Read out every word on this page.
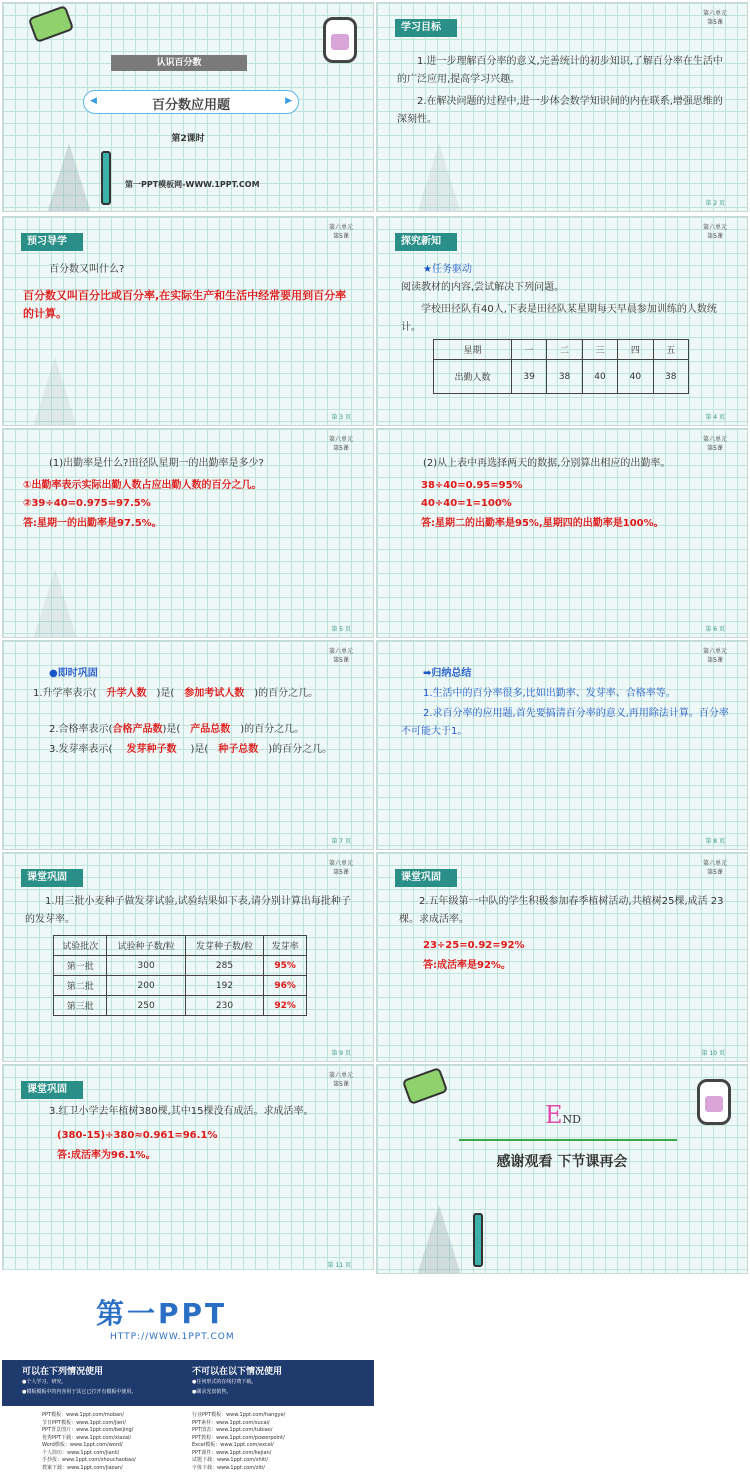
认识百分数
◀	百分数应用题	▶
第2课时
第一PPT模板网-WWW.1PPT.COM
学习目标
第六单元
第5课
1.进一步理解百分率的意义,完善统计的初步知识,了解百分率在生活中的广泛应用,提高学习兴趣。
2.在解决问题的过程中,进一步体会数学知识间的内在联系,增强思维的深刻性。
第 2 页
预习导学
第六单元
第5课
百分数又叫什么?
百分数又叫百分比或百分率,在实际生产和生活中经常要用到百分率的计算。
第 3 页
探究新知
第六单元
第5课
★任务驱动
阅读教材的内容,尝试解决下列问题。
学校田径队有40人,下表是田径队某星期每天早晨参加训练的人数统计。
星期	一	二	三	四	五
出勤人数	39	38	40	40	38
第 4 页
第六单元
第5课
(1)出勤率是什么?田径队星期一的出勤率是多少?
①出勤率表示实际出勤人数占应出勤人数的百分之几。
②39÷40=0.975=97.5%
答:星期一的出勤率是97.5%。
第 5 页
第六单元
第5课
(2)从上表中再选择两天的数据,分别算出相应的出勤率。
38÷40=0.95=95%
40÷40=1=100%
答:星期二的出勤率是95%,星期四的出勤率是100%。
第 6 页
第六单元
第5课
●即时巩固
1.升学率表示( 升学人数 )是( 参加考试人数 )的百分之几。
2.合格率表示(合格产品数)是( 产品总数 )的百分之几。
3.发芽率表示( 发芽种子数 )是( 种子总数 )的百分之几。
第 7 页
第六单元
第5课
➡归纳总结
1.生活中的百分率很多,比如出勤率、发芽率、合格率等。
2.求百分率的应用题,首先要搞清百分率的意义,再用除法计算。百分率不可能大于1。
第 8 页
课堂巩固
第六单元
第5课
1.用三批小麦种子做发芽试验,试验结果如下表,请分别计算出每批种子的发芽率。
试验批次	试验种子数/粒	发芽种子数/粒	发芽率
第一批	300	285	95%
第二批	200	192	96%
第三批	250	230	92%
第 9 页
课堂巩固
第六单元
第5课
2.五年级第一中队的学生积极参加春季植树活动,共植树25棵,成活 23棵。求成活率。
23÷25=0.92=92%
答:成活率是92%。
第 10 页
课堂巩固
第六单元
第5课
3.红卫小学去年植树380棵,其中15棵没有成活。求成活率。
(380-15)÷380≈0.961=96.1%
答:成活率为96.1%。
第 11 页
END
感谢观看 下节课再会
第一PPT
HTTP://WWW.1PPT.COM
可以在下列情况使用
●个人学习、研究。
●模板模板中的内容用于其它已打开有模板中使用。
不可以在以下情况使用
●任何形式的在线付费下载。
●刷录光盘销售。
PPT模板：www.1ppt.com/moban/
节日PPT模板：www.1ppt.com/jieri/
PPT背景图片：www.1ppt.com/beijing/
优秀PPT下载：www.1ppt.com/xiazai/
Word模板：www.1ppt.com/word/
个人简历：www.1ppt.com/jianli/
手抄报：www.1ppt.com/shouchaobao/
教案下载：www.1ppt.com/jiaoan/
行业PPT模板：www.1ppt.com/hangye/
PPT素材：www.1ppt.com/sucai/
PPT图表：www.1ppt.com/tubiao/
PPT教程：www.1ppt.com/powerpoint/
Excel模板：www.1ppt.com/excel/
PPT课件：www.1ppt.com/kejian/
试题下载：www.1ppt.com/shiti/
字体下载：www.1ppt.com/ziti/
